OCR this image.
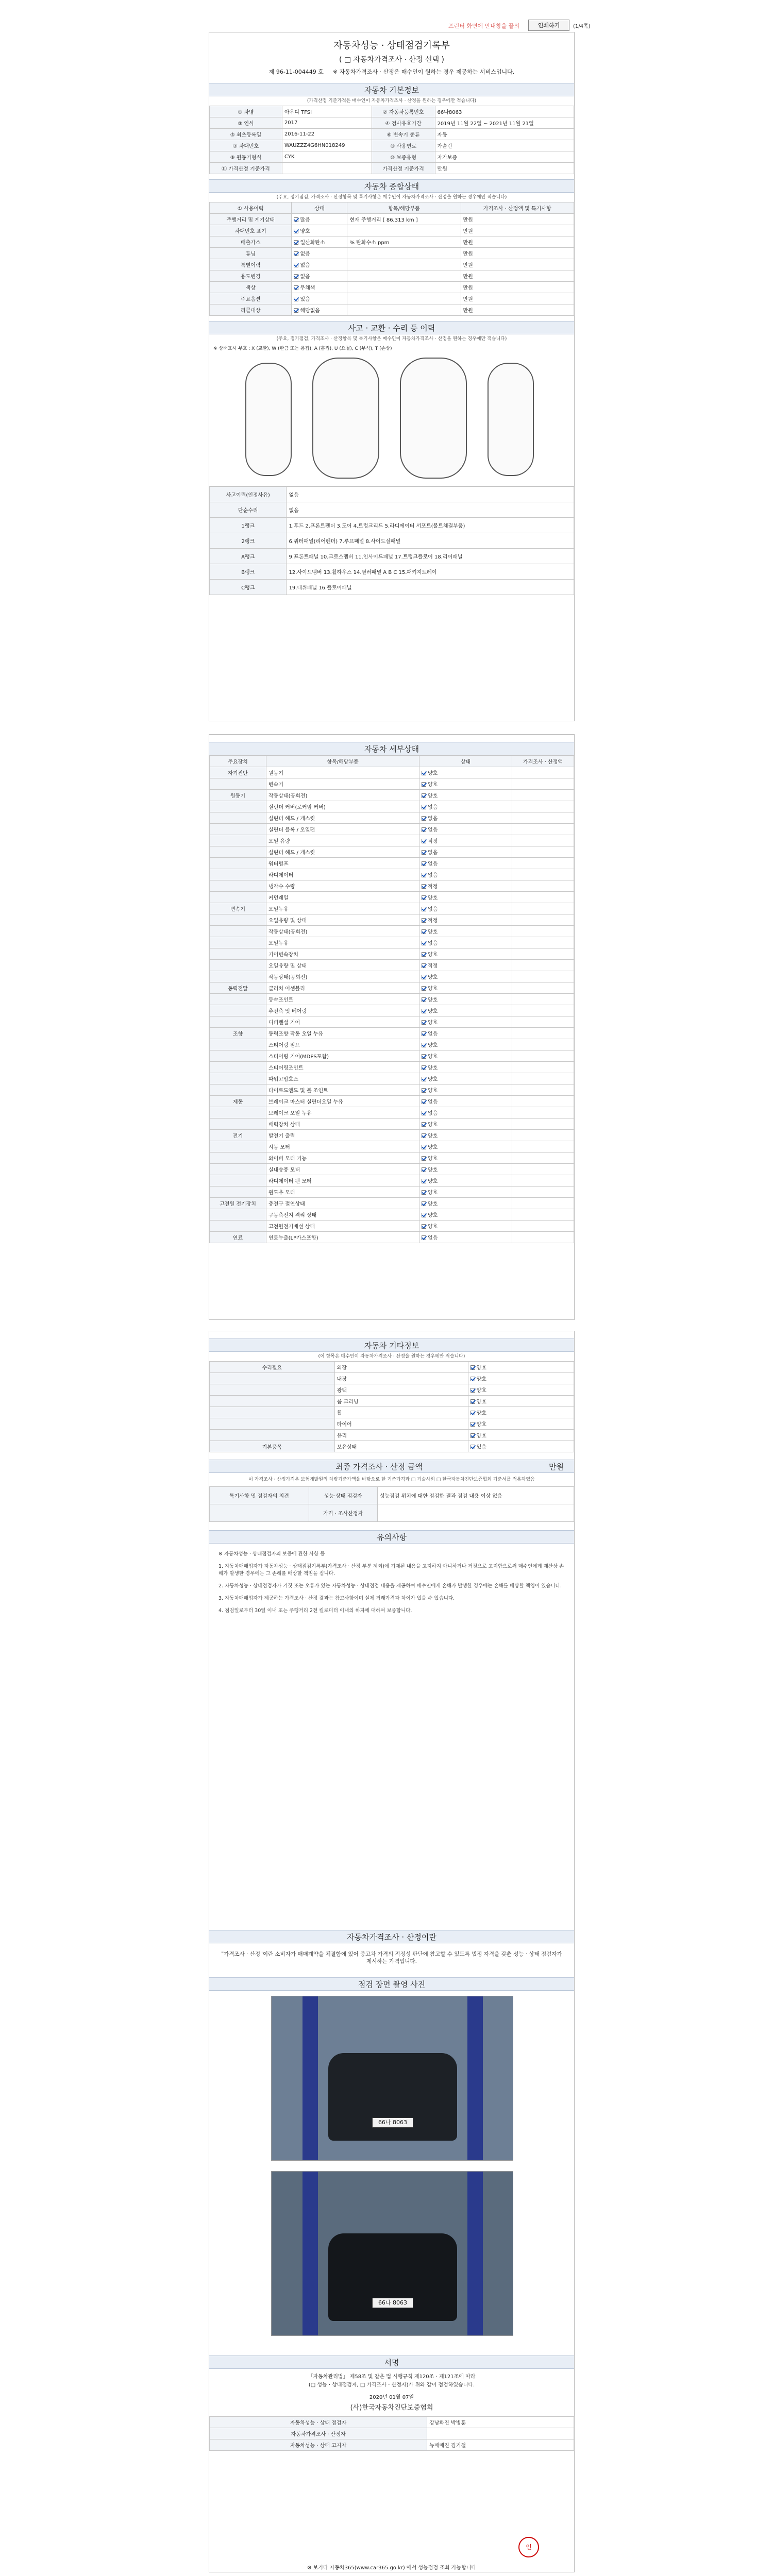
프린터 화면에 안내창을 끝의	인쇄하기	(1/4쪽)
자동차성능 · 상태점검기록부
( □ 자동차가격조사 · 산정 선택 )
제 96-11-004449 호 ※ 자동차가격조사 · 산정은 매수인이 원하는 경우 제공하는 서비스입니다.
자동차 기본정보
(가격산정 기준가격은 매수인이 자동차가격조사 · 산정을 원하는 경우에만 적습니다)
① 차명	아우디 TFSI	② 자동차등록번호	66나8063
③ 연식	2017	④ 검사유효기간	2019년 11월 22일 ~ 2021년 11월 21일
⑤ 최초등록일	2016-11-22	⑥ 변속기 종류	자동
⑦ 차대번호	WAUZZZ4G6HN018249	⑧ 사용연료	가솔린
⑨ 원동기형식	CYK	⑩ 보증유형	자가보증
⑪ 가격산정 기준가격		가격산정 기준가격	만원
자동차 종합상태
(주요, 정기점검, 가격조사 · 산정항목 및 특기사항은 매수인이 자동차가격조사 · 산정을 원하는 경우에만 적습니다)
① 사용이력	상태	항목/해당부품	가격조사 · 산정액 및 특기사항
주행거리 및 계기상태	많음	현재 주행거리 [ 86,313 km ]	만원
차대번호 표기	양호		만원
배출가스	일산화탄소	% 탄화수소 ppm	만원
튜닝	없음		만원
특별이력	없음		만원
용도변경	없음		만원
색상	무채색		만원
주요옵션	있음		만원
리콜대상	해당없음		만원
사고 · 교환 · 수리 등 이력
(주요, 정기점검, 가격조사 · 산정항목 및 특기사항은 매수인이 자동차가격조사 · 산정을 원하는 경우에만 적습니다)
※ 상태표시 부호 : X (교환), W (판금 또는 용접), A (흠집), U (요철), C (부식), T (손상)
사고이력(인정사유)	없음
단순수리	없음
1랭크	1.후드 2.프론트펜더 3.도어 4.트렁크리드 5.라디에이터 서포트(볼트체결부품)
2랭크	6.쿼터패널(리어펜더) 7.루프패널 8.사이드실패널
A랭크	9.프론트패널 10.크로스멤버 11.인사이드패널 17.트렁크플로어 18.리어패널
B랭크	12.사이드멤버 13.휠하우스 14.필러패널 A B C 15.패키지트레이
C랭크	19.대쉬패널 16.플로어패널
자동차 세부상태
주요장치	항목/해당부품	상태	가격조사 · 산정액
자기진단	원동기	양호	
	변속기	양호	
원동기	작동상태(공회전)	양호	
	실린더 커버(로커암 커버)	없음	
	실린더 헤드 / 개스킷	없음	
	실린더 블록 / 오일팬	없음	
	오일 유량	적정	
	실린더 헤드 / 개스킷	없음	
	워터펌프	없음	
	라디에이터	없음	
	냉각수 수량	적정	
	커먼레일	양호	
변속기	오일누유	없음	
	오일유량 및 상태	적정	
	작동상태(공회전)	양호	
	오일누유	없음	
	기어변속장치	양호	
	오일유량 및 상태	적정	
	작동상태(공회전)	양호	
동력전달	클러치 어셈블리	양호	
	등속조인트	양호	
	추진축 및 베어링	양호	
	디퍼렌셜 기어	양호	
조향	동력조향 작동 오일 누유	없음	
	스티어링 펌프	양호	
	스티어링 기어(MDPS포함)	양호	
	스티어링조인트	양호	
	파워고압호스	양호	
	타이로드엔드 및 볼 조인트	양호	
제동	브레이크 마스터 실린더오일 누유	없음	
	브레이크 오일 누유	없음	
	배력장치 상태	양호	
전기	발전기 출력	양호	
	시동 모터	양호	
	와이퍼 모터 기능	양호	
	실내송풍 모터	양호	
	라디에이터 팬 모터	양호	
	윈도우 모터	양호	
고전원 전기장치	충전구 절연상태	양호	
	구동축전지 격리 상태	양호	
	고전원전기배선 상태	양호	
연료	연료누출(LP가스포함)	없음	
자동차 기타정보
(이 항목은 매수인이 자동차가격조사 · 산정을 원하는 경우에만 적습니다)
수리필요	외장	양호
	내장	양호
	광택	양호
	룸 크리닝	양호
	휠	양호
	타이어	양호
	유리	양호
기본품목	보유상태	있음
최종 가격조사 · 산정 금액	만원
이 가격조사 · 산정가격은 보험개발원의 차량기준가액을 바탕으로 한 기준가격과 □ 기술사회 □ 한국자동차진단보증협회 기준서를 적용하였음
특기사항 및 점검자의 의견	성능·상태 점검자	성능점검 위치에 대한 점검한 결과 점검 내용 이상 없음
	가격 · 조사산정자	
유의사항

※ 자동차성능 · 상태점검자의 보증에 관한 사항 등

1. 자동차매매업자가 자동차성능 · 상태점검기록부(가격조사 · 산정 부분 제외)에 기재된 내용을 고지하지 아니하거나 거짓으로 고지함으로써 매수인에게 재산상 손해가 발생한 경우에는 그 손해를 배상할 책임을 집니다.

2. 자동차성능 · 상태점검자가 거짓 또는 오류가 있는 자동차성능 · 상태점검 내용을 제공하여 매수인에게 손해가 발생한 경우에는 손해를 배상할 책임이 있습니다.

3. 자동차매매업자가 제공하는 가격조사 · 산정 결과는 참고사항이며 실제 거래가격과 차이가 있을 수 있습니다.

4. 점검일로부터 30일 이내 또는 주행거리 2천 킬로미터 이내의 하자에 대하여 보증합니다.

자동차가격조사 · 산정이란
"가격조사 · 산정"이란 소비자가 매매계약을 체결함에 있어 중고차 가격의 적정성 판단에 참고할 수 있도록 법정 자격을 갖춘 성능 · 상태 점검자가 제시하는 가격입니다.
점검 장면 촬영 사진
66나 8063
66나 8063
서명
「자동차관리법」 제58조 및 같은 법 시행규칙 제120조 · 제121조에 따라
(□ 성능 · 상태점검자, □ 가격조사 · 산정자)가 위와 같이 점검하였습니다.
2020년 01월 07일
(사)한국자동차진단보증협회
자동차성능 · 상태 점검자	강남화진 박병훈
자동차가격조사 · 산정자	
자동차성능 · 상태 고지자	뉴매매진 김기철
인
※ 보기다 자동차365(www.car365.go.kr) 에서 성능점검 조회 가능합니다
